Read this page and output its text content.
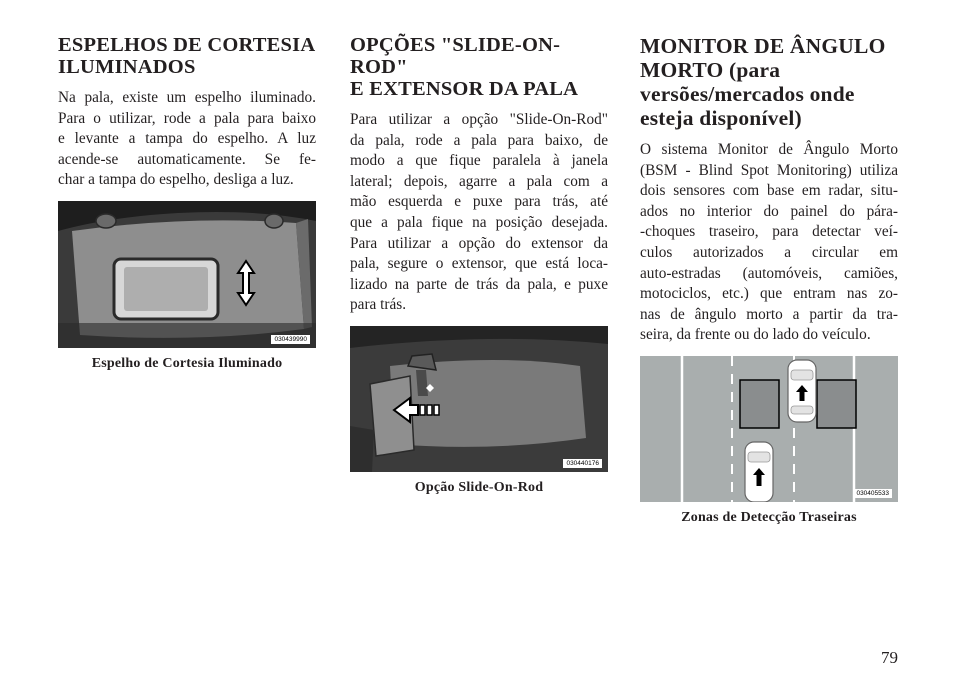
ESPELHOS DE CORTESIA
ILUMINADOS

Na pala, existe um espelho iluminado.
Para o utilizar, rode a pala para baixo
e levante a tampa do espelho. A luz
acende-se automaticamente. Se fe-
char a tampa do espelho, desliga a luz.

030439990
Espelho de Cortesia Iluminado
OPÇÕES "SLIDE-ON-ROD"
E EXTENSOR DA PALA

Para utilizar a opção "Slide-On-Rod"
da pala, rode a pala para baixo, de
modo a que fique paralela à janela
lateral; depois, agarre a pala com a
mão esquerda e puxe para trás, até
que a pala fique na posição desejada.
Para utilizar a opção do extensor da
pala, segure o extensor, que está loca-
lizado na parte de trás da pala, e puxe
para trás.

030440176
Opção Slide-On-Rod
MONITOR DE ÂNGULO
MORTO (para
versões/mercados onde
esteja disponível)

O sistema Monitor de Ângulo Morto
(BSM - Blind Spot Monitoring) utiliza
dois sensores com base em radar, situ-
ados no interior do painel do pára-
-choques traseiro, para detectar veí-
culos autorizados a circular em
auto-estradas (automóveis, camiões,
motociclos, etc.) que entram nas zo-
nas de ângulo morto a partir da tra-
seira, da frente ou do lado do veículo.

030405533
Zonas de Detecção Traseiras
79
